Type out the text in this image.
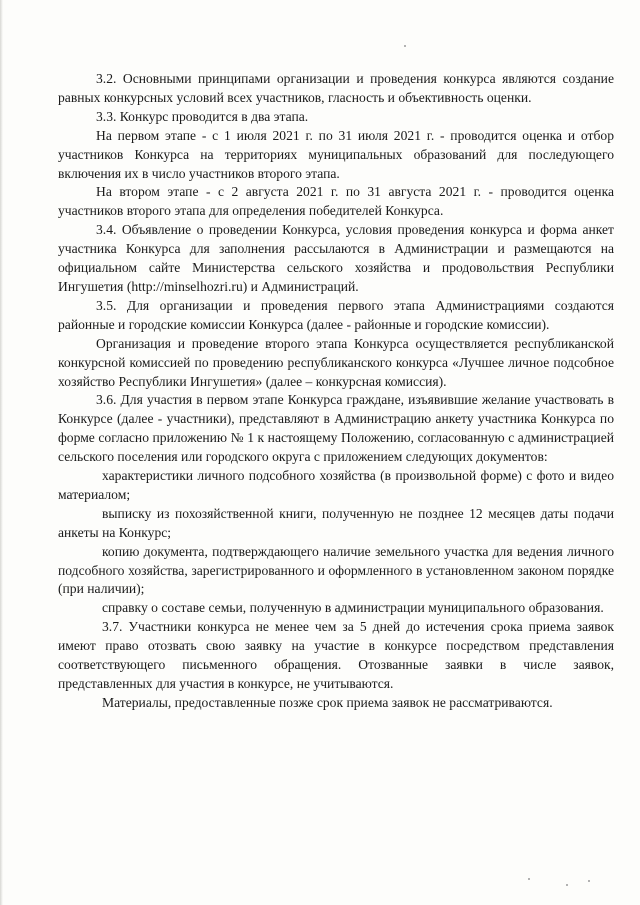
3.2. Основными принципами организации и проведения конкурса являются создание равных конкурсных условий всех участников, гласность и объективность оценки.

3.3. Конкурс проводится в два этапа.

На первом этапе - с 1 июля 2021 г. по 31 июля 2021 г. - проводится оценка и отбор участников Конкурса на территориях муниципальных образований для последующего включения их в число участников второго этапа.

На втором этапе - с 2 августа 2021 г. по 31 августа 2021 г. - проводится оценка участников второго этапа для определения победителей Конкурса.

3.4. Объявление о проведении Конкурса, условия проведения конкурса и форма анкет участника Конкурса для заполнения рассылаются в Администрации и размещаются на официальном сайте Министерства сельского хозяйства и продовольствия Республики Ингушетия (http://minselhozri.ru) и Администраций.

3.5. Для организации и проведения первого этапа Администрациями создаются районные и городские комиссии Конкурса (далее - районные и городские комиссии).

Организация и проведение второго этапа Конкурса осуществляется республиканской конкурсной комиссией по проведению республиканского конкурса «Лучшее личное подсобное хозяйство Республики Ингушетия» (далее – конкурсная комиссия).

3.6. Для участия в первом этапе Конкурса граждане, изъявившие желание участвовать в Конкурсе (далее - участники), представляют в Администрацию анкету участника Конкурса по форме согласно приложению № 1 к настоящему Положению, согласованную с администрацией сельского поселения или городского округа с приложением следующих документов:

характеристики личного подсобного хозяйства (в произвольной форме) с фото и видео материалом;

выписку из похозяйственной книги, полученную не позднее 12 месяцев даты подачи анкеты на Конкурс;

копию документа, подтверждающего наличие земельного участка для ведения личного подсобного хозяйства, зарегистрированного и оформленного в установленном законом порядке (при наличии);

справку о составе семьи, полученную в администрации муниципального образования.

3.7. Участники конкурса не менее чем за 5 дней до истечения срока приема заявок имеют право отозвать свою заявку на участие в конкурсе посредством представления соответствующего письменного обращения. Отозванные заявки в числе заявок, представленных для участия в конкурсе, не учитываются.

Материалы, предоставленные позже срок приема заявок не рассматриваются.
